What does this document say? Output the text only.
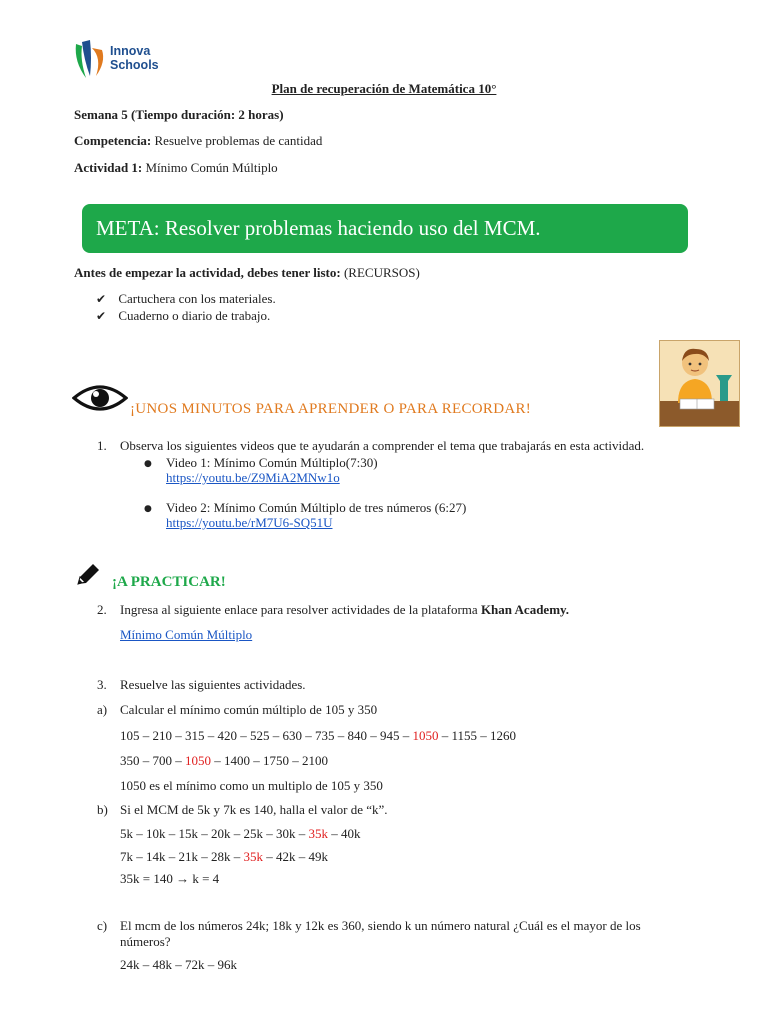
Innova
Schools
Plan de recuperación de Matemática 10°
Semana 5 (Tiempo duración: 2 horas)
Competencia: Resuelve problemas de cantidad
Actividad 1: Mínimo Común Múltiplo
META: Resolver problemas haciendo uso del MCM.
Antes de empezar la actividad, debes tener listo: (RECURSOS)
✔ Cartuchera con los materiales.
✔ Cuaderno o diario de trabajo.
¡UNOS MINUTOS PARA APRENDER O PARA RECORDAR!
1. Observa los siguientes videos que te ayudarán a comprender el tema que trabajarás en esta actividad.
● Video 1: Mínimo Común Múltiplo(7:30)
https://youtu.be/Z9MiA2MNw1o
● Video 2: Mínimo Común Múltiplo de tres números (6:27)
https://youtu.be/rM7U6-SQ51U
¡A PRACTICAR!
2. Ingresa al siguiente enlace para resolver actividades de la plataforma Khan Academy.
Mínimo Común Múltiplo
3. Resuelve las siguientes actividades.
a) Calcular el mínimo común múltiplo de 105 y 350
105 – 210 – 315 – 420 – 525 – 630 – 735 – 840 – 945 – 1050 – 1155 – 1260
350 – 700 – 1050 – 1400 – 1750 – 2100
1050 es el mínimo como un multiplo de 105 y 350
b) Si el MCM de 5k y 7k es 140, halla el valor de “k”.
5k – 10k – 15k – 20k – 25k – 30k – 35k – 40k
7k – 14k – 21k – 28k – 35k – 42k – 49k
35k = 140 → k = 4
c) El mcm de los números 24k; 18k y 12k es 360, siendo k un número natural ¿Cuál es el mayor de los
números?
24k – 48k – 72k – 96k
